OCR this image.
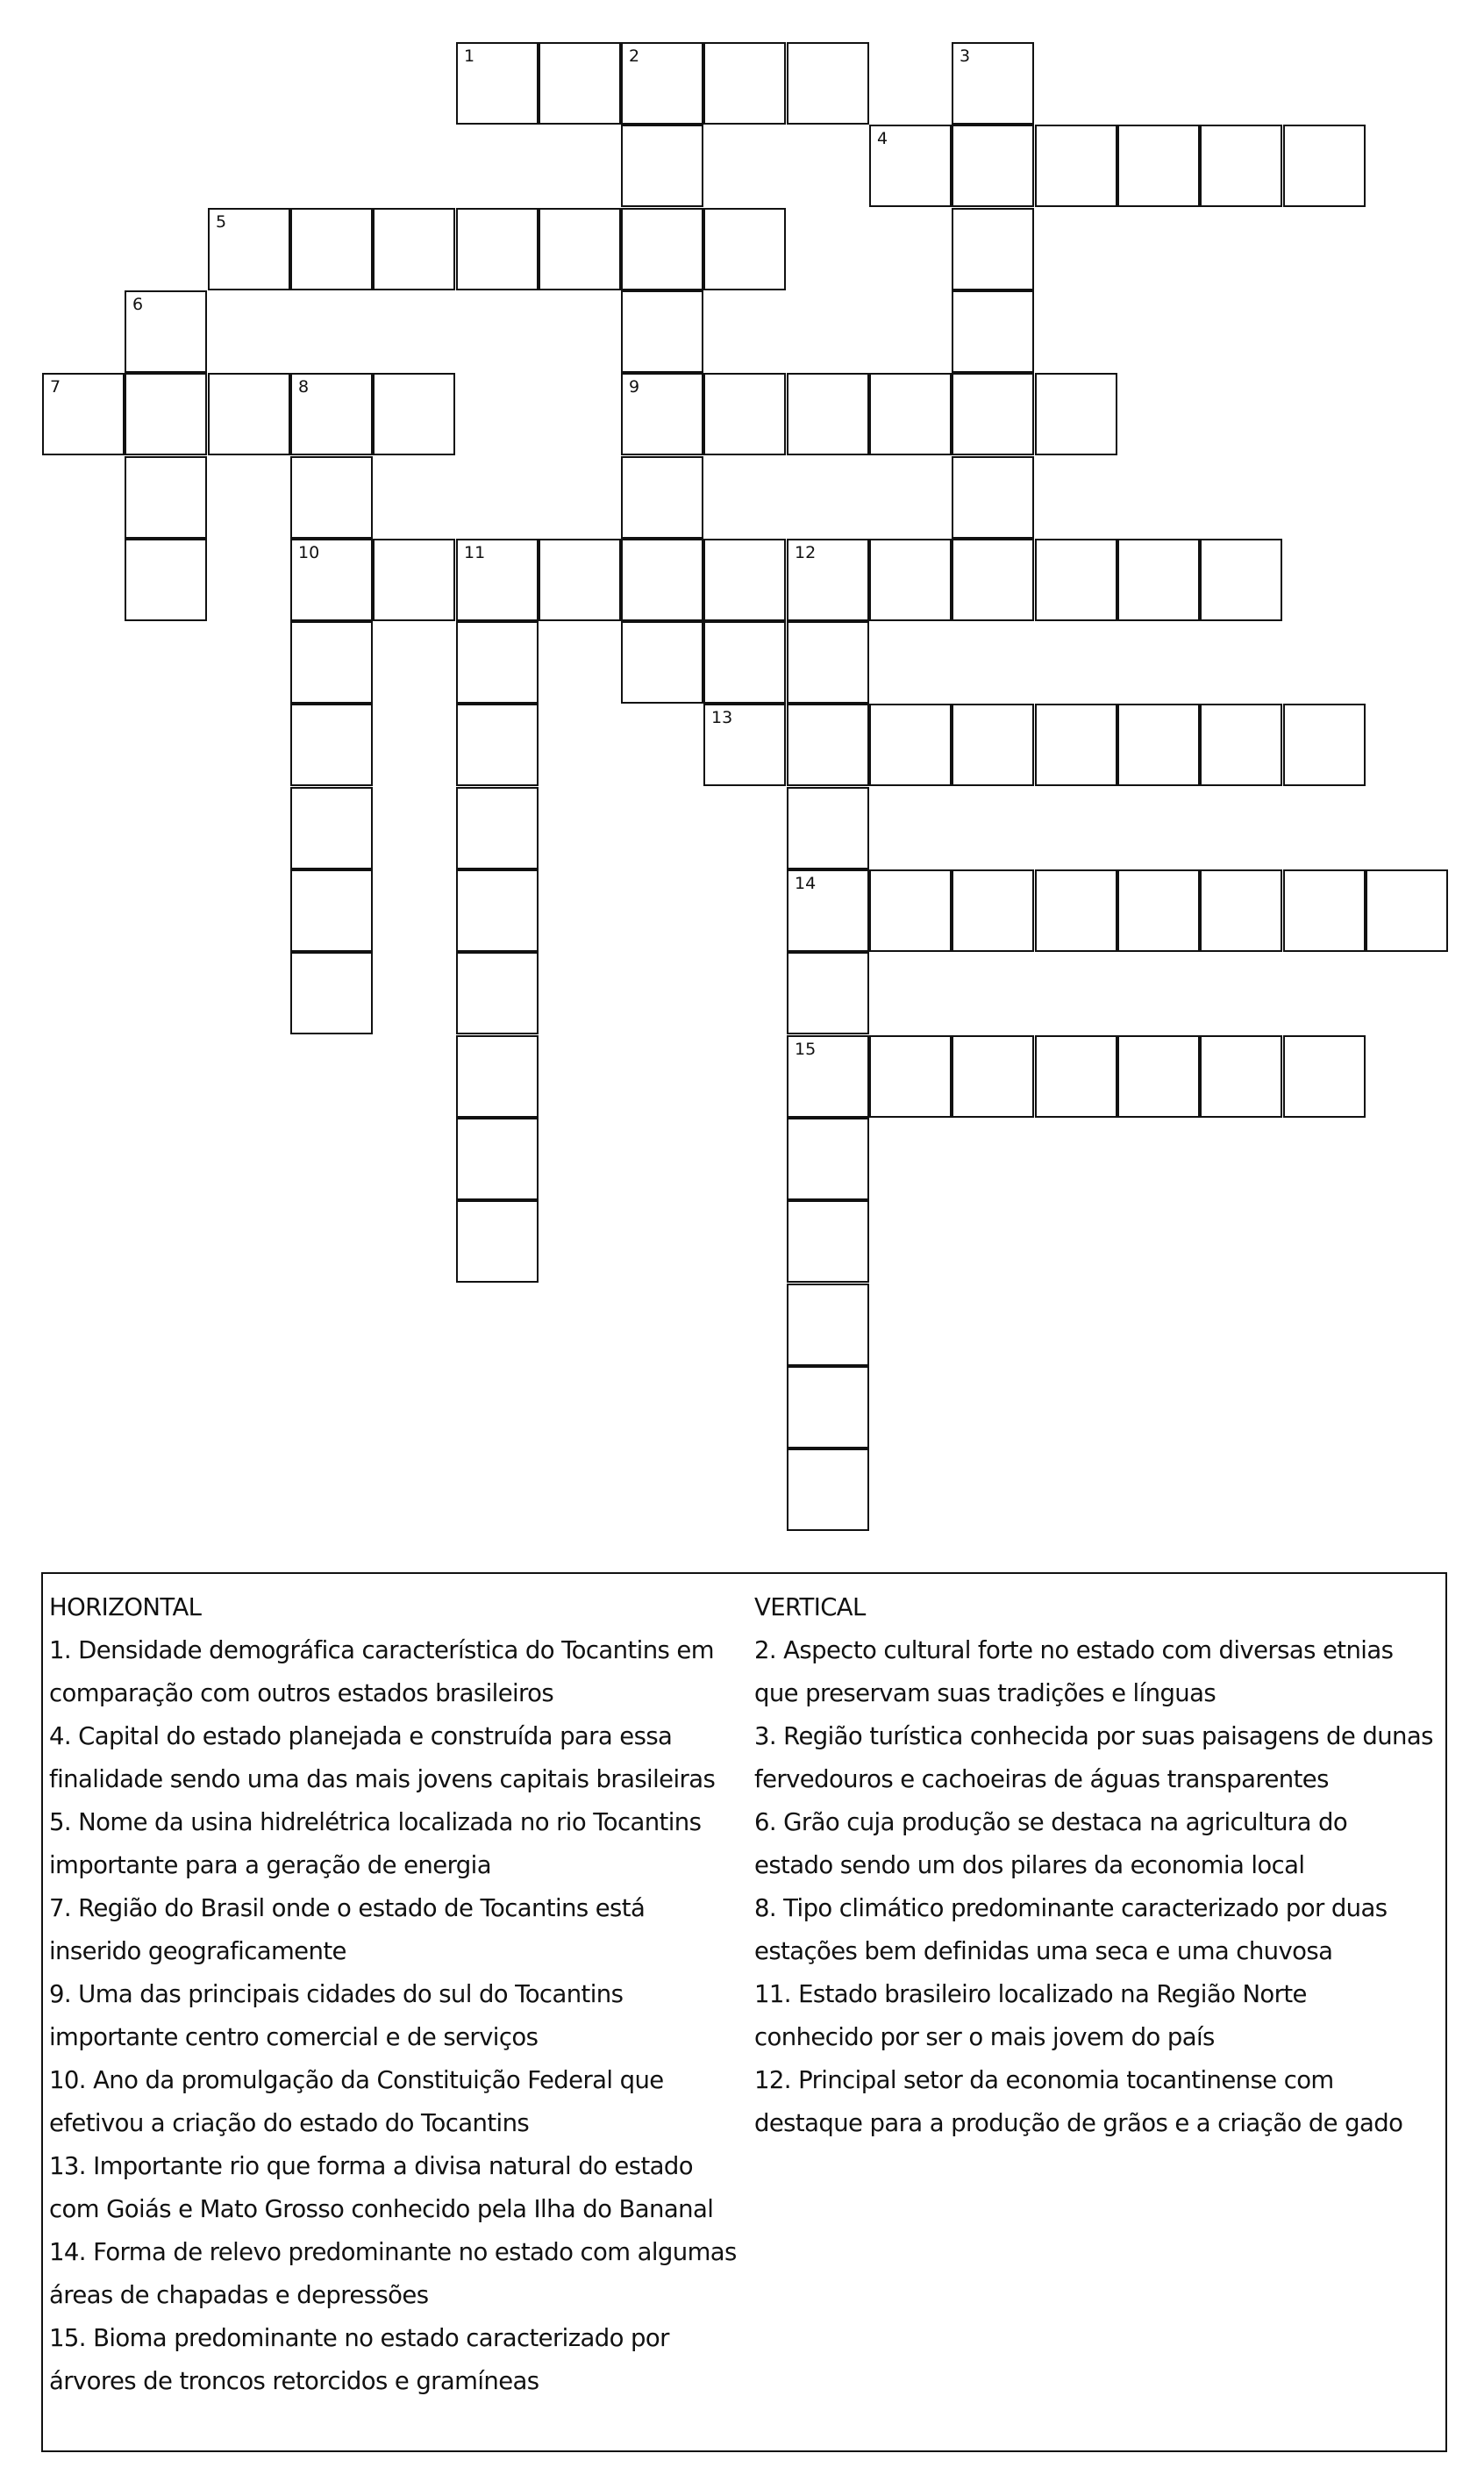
1	2	3
4
5
6
7	8	9
10	11	12
13
14
15
HORIZONTAL
1. Densidade demográfica característica do Tocantins em
comparação com outros estados brasileiros
4. Capital do estado planejada e construída para essa
finalidade sendo uma das mais jovens capitais brasileiras
5. Nome da usina hidrelétrica localizada no rio Tocantins
importante para a geração de energia
7. Região do Brasil onde o estado de Tocantins está
inserido geograficamente
9. Uma das principais cidades do sul do Tocantins
importante centro comercial e de serviços
10. Ano da promulgação da Constituição Federal que
efetivou a criação do estado do Tocantins
13. Importante rio que forma a divisa natural do estado
com Goiás e Mato Grosso conhecido pela Ilha do Bananal
14. Forma de relevo predominante no estado com algumas
áreas de chapadas e depressões
15. Bioma predominante no estado caracterizado por
árvores de troncos retorcidos e gramíneas
VERTICAL
2. Aspecto cultural forte no estado com diversas etnias
que preservam suas tradições e línguas
3. Região turística conhecida por suas paisagens de dunas
fervedouros e cachoeiras de águas transparentes
6. Grão cuja produção se destaca na agricultura do
estado sendo um dos pilares da economia local
8. Tipo climático predominante caracterizado por duas
estações bem definidas uma seca e uma chuvosa
11. Estado brasileiro localizado na Região Norte
conhecido por ser o mais jovem do país
12. Principal setor da economia tocantinense com
destaque para a produção de grãos e a criação de gado
